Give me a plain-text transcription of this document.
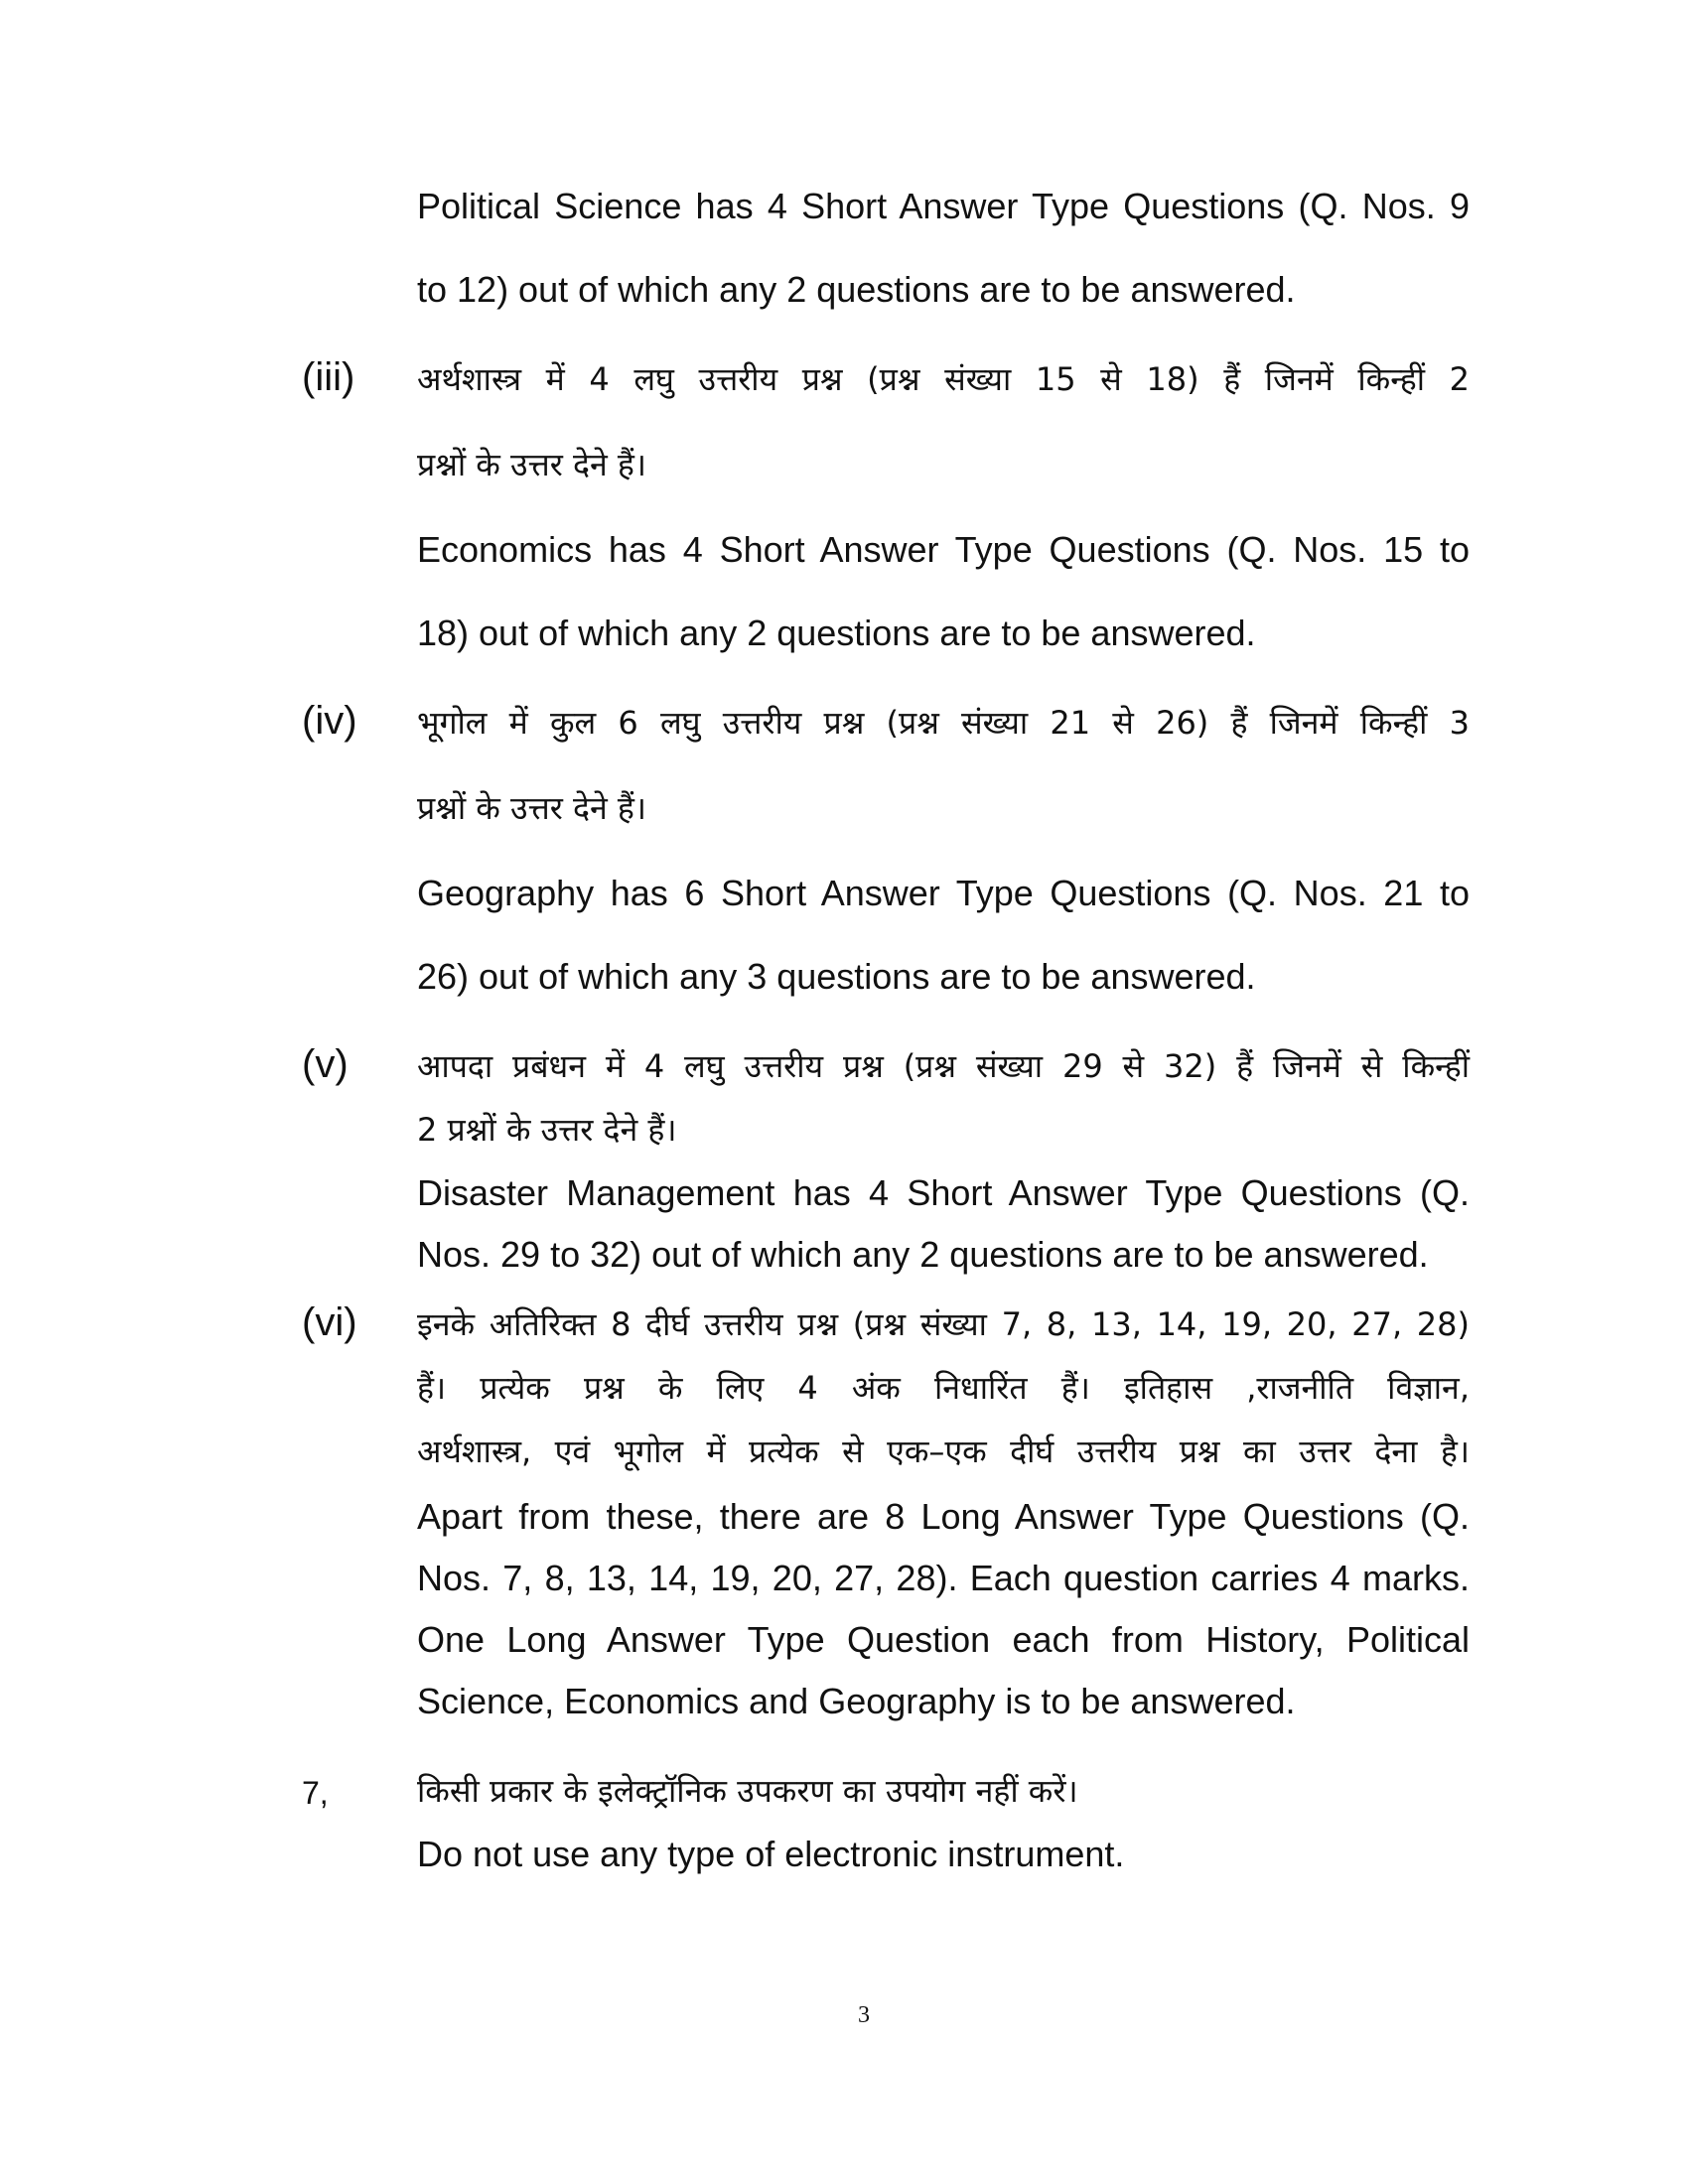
Political Science has 4 Short Answer Type Questions (Q. Nos. 9
to 12) out of which any 2 questions are to be answered.
(iii) अर्थशास्त्र में 4 लघु उत्तरीय प्रश्न (प्रश्न संख्या 15 से 18) हैं जिनमें किन्हीं 2
प्रश्नों के उत्तर देने हैं।
Economics has 4 Short Answer Type Questions (Q. Nos. 15 to
18) out of which any 2 questions are to be answered.
(iv) भूगोल में कुल 6 लघु उत्तरीय प्रश्न (प्रश्न संख्या 21 से 26) हैं जिनमें किन्हीं 3
प्रश्नों के उत्तर देने हैं।
Geography has 6 Short Answer Type Questions (Q. Nos. 21 to
26) out of which any 3 questions are to be answered.
(v) आपदा प्रबंधन में 4 लघु उत्तरीय प्रश्न (प्रश्न संख्या 29 से 32) हैं जिनमें से किन्हीं
2 प्रश्नों के उत्तर देने हैं।
Disaster Management has 4 Short Answer Type Questions (Q.
Nos. 29 to 32) out of which any 2 questions are to be answered.
(vi) इनके अतिरिक्त 8 दीर्घ उत्तरीय प्रश्न (प्रश्न संख्या 7, 8, 13, 14, 19, 20, 27, 28)
हैं। प्रत्येक प्रश्न के लिए 4 अंक निधारिंत हैं। इतिहास ,राजनीति विज्ञान,
अर्थशास्त्र, एवं भूगोल में प्रत्येक से एक–एक दीर्घ उत्तरीय प्रश्न का उत्तर देना है।
Apart from these, there are 8 Long Answer Type Questions (Q.
Nos. 7, 8, 13, 14, 19, 20, 27, 28). Each question carries 4 marks.
One Long Answer Type Question each from History, Political
Science, Economics and Geography is to be answered.
7,	किसी प्रकार के इलेक्ट्रॉनिक उपकरण का उपयोग नहीं करें।
Do not use any type of electronic instrument.
3
